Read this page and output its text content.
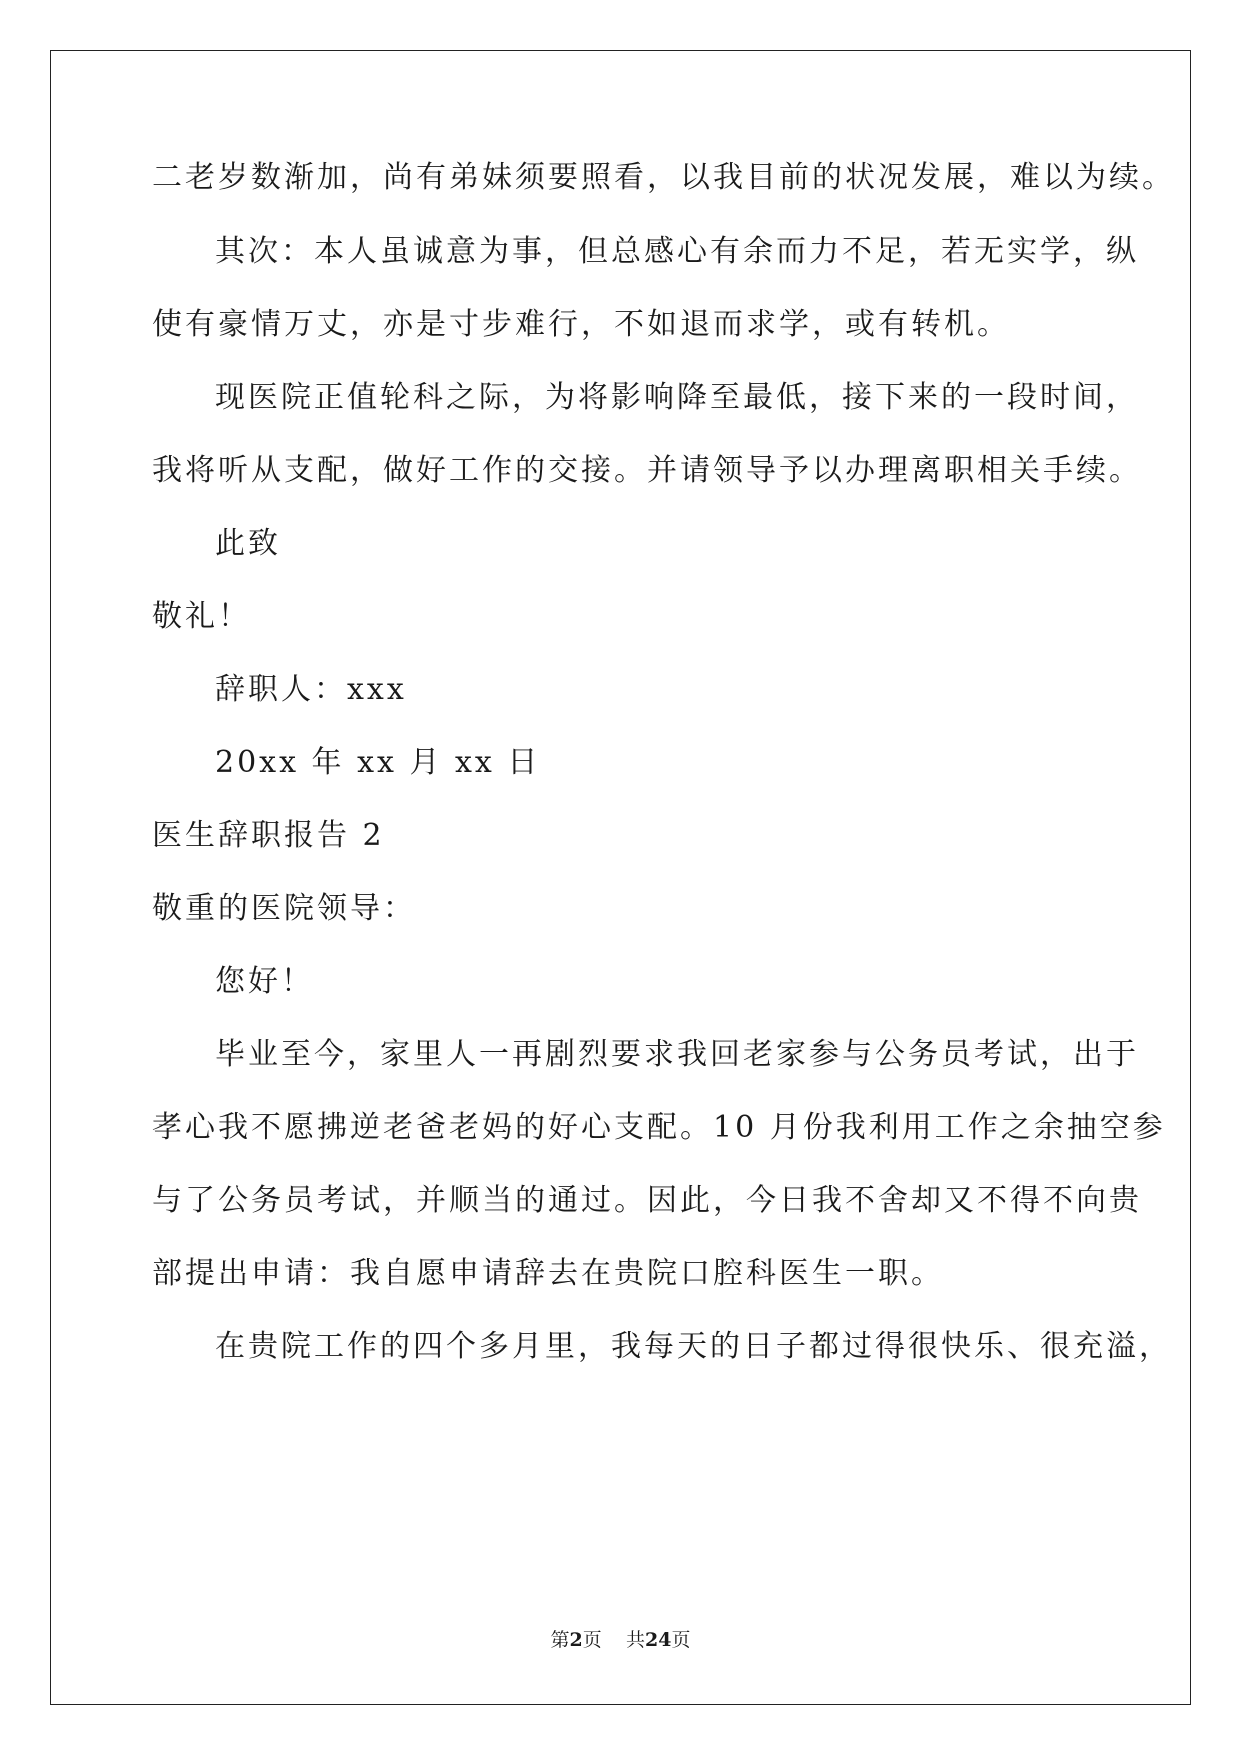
二老岁数渐加，尚有弟妹须要照看，以我目前的状况发展，难以为续。
其次：本人虽诚意为事，但总感心有余而力不足，若无实学，纵
使有豪情万丈，亦是寸步难行，不如退而求学，或有转机。
现医院正值轮科之际，为将影响降至最低，接下来的一段时间，
我将听从支配，做好工作的交接。并请领导予以办理离职相关手续。
此致
敬礼！
辞职人：xxx
20xx 年 xx 月 xx 日
医生辞职报告 2
敬重的医院领导：
您好！
毕业至今，家里人一再剧烈要求我回老家参与公务员考试，出于
孝心我不愿拂逆老爸老妈的好心支配。10 月份我利用工作之余抽空参
与了公务员考试，并顺当的通过。因此，今日我不舍却又不得不向贵
部提出申请：我自愿申请辞去在贵院口腔科医生一职。
在贵院工作的四个多月里，我每天的日子都过得很快乐、很充溢，
第2页 共24页
